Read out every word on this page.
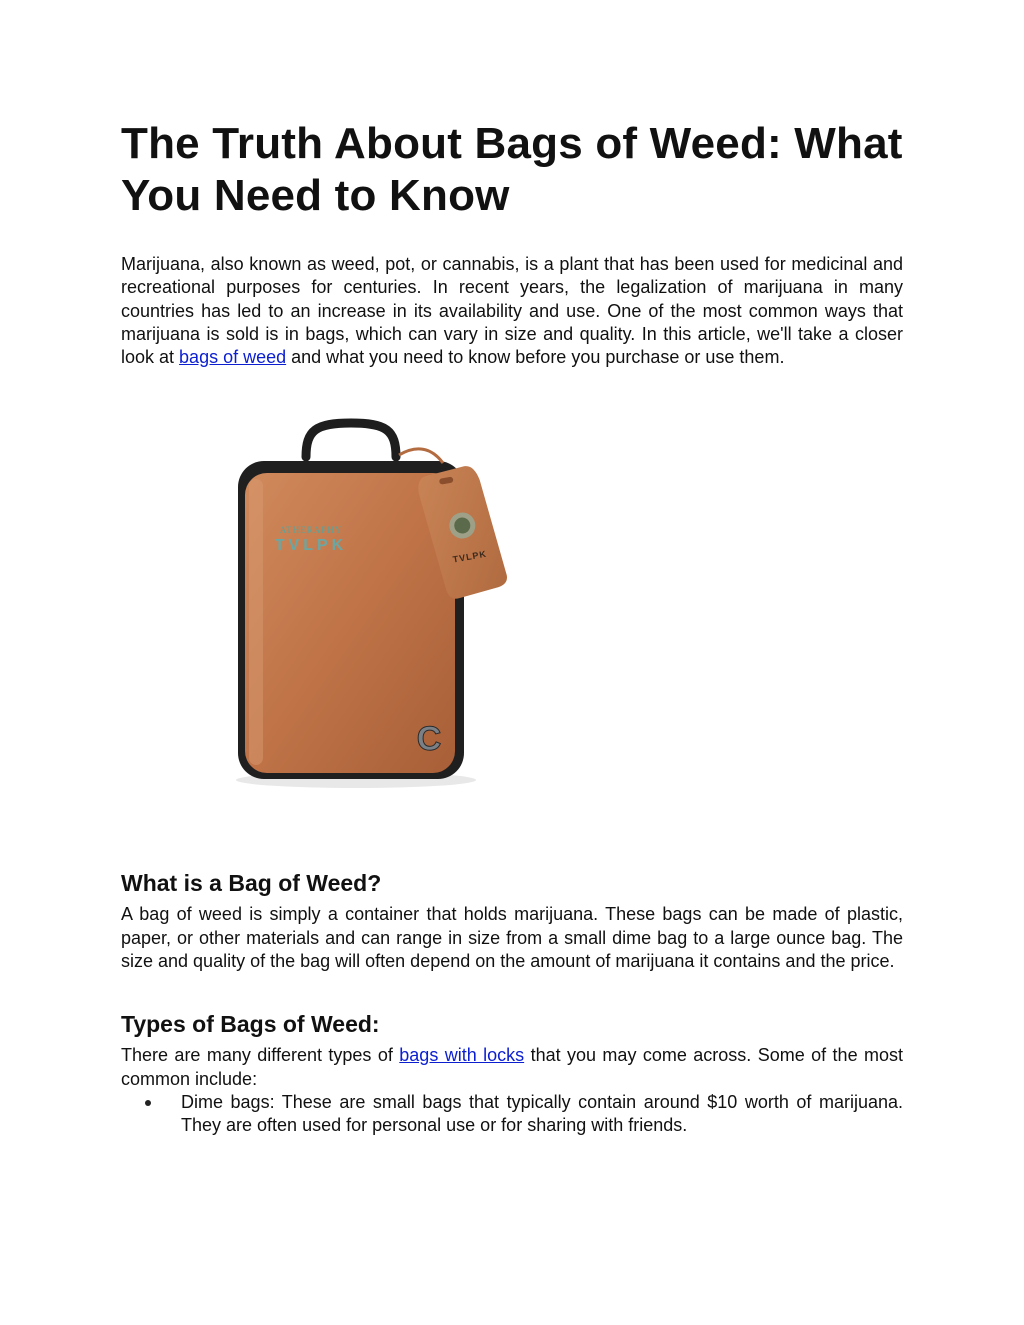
The Truth About Bags of Weed: What You Need to Know

Marijuana, also known as weed, pot, or cannabis, is a plant that has been used for medicinal and recreational purposes for centuries. In recent years, the legalization of marijuana in many countries has led to an increase in its availability and use. One of the most common ways that marijuana is sold is in bags, which can vary in size and quality. In this article, we'll take a closer look at bags of weed and what you need to know before you purchase or use them.

ATHERAPHY
TVLPK
C
TVLPK
What is a Bag of Weed?

A bag of weed is simply a container that holds marijuana. These bags can be made of plastic, paper, or other materials and can range in size from a small dime bag to a large ounce bag. The size and quality of the bag will often depend on the amount of marijuana it contains and the price.

Types of Bags of Weed:

There are many different types of bags with locks that you may come across. Some of the most common include:

Dime bags: These are small bags that typically contain around $10 worth of marijuana. They are often used for personal use or for sharing with friends.
